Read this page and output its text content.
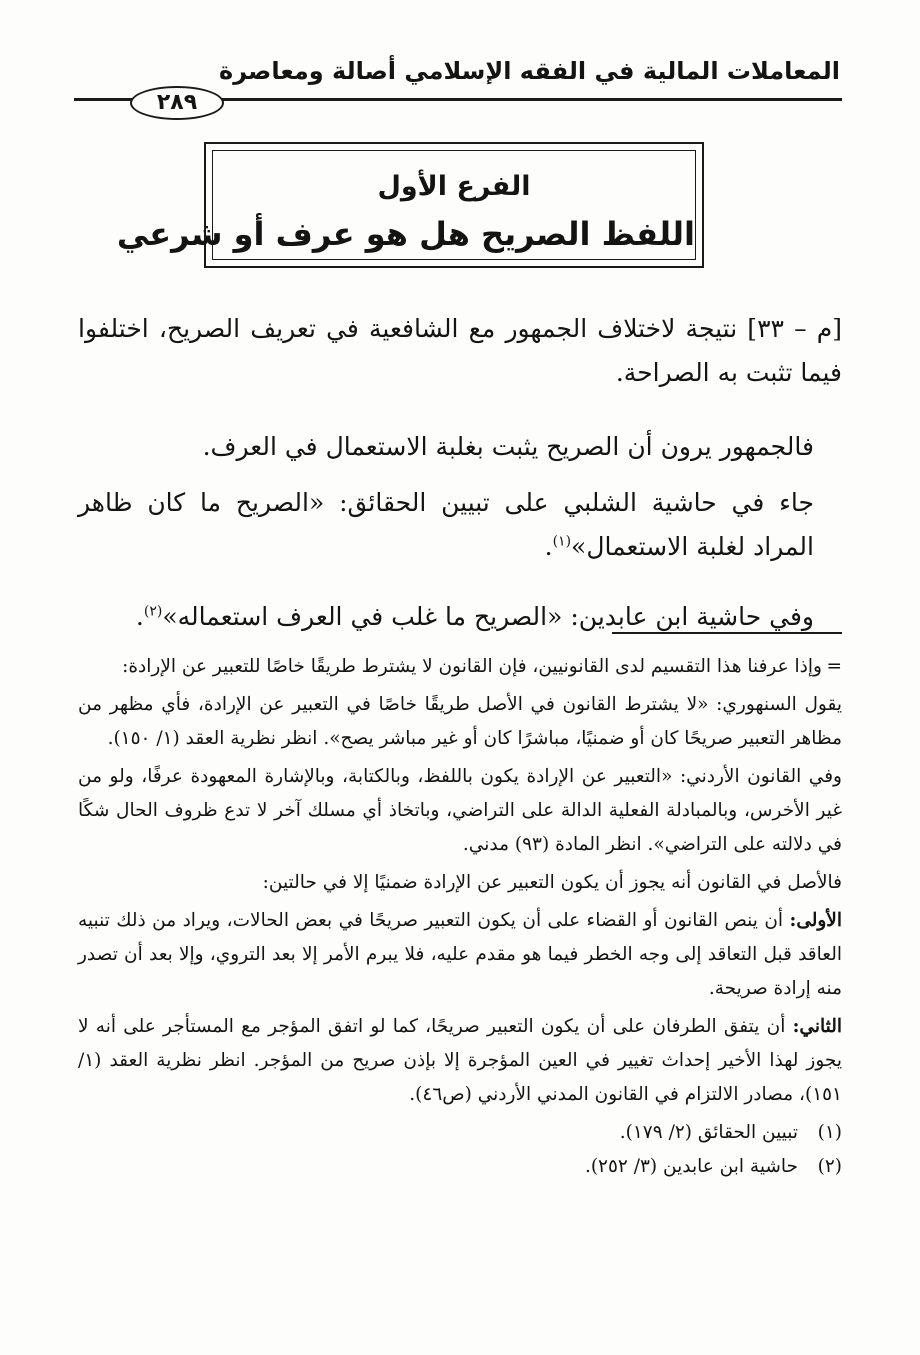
المعاملات المالية في الفقه الإسلامي أصالة ومعاصرة
٢٨٩
الفرع الأول
اللفظ الصريح هل هو عرف أو شرعي

[م – ٣٣] نتيجة لاختلاف الجمهور مع الشافعية في تعريف الصريح، اختلفوا فيما تثبت به الصراحة.

فالجمهور يرون أن الصريح يثبت بغلبة الاستعمال في العرف.

جاء في حاشية الشلبي على تبيين الحقائق: «الصريح ما كان ظاهر المراد لغلبة الاستعمال»$^{(١)}$.

وفي حاشية ابن عابدين: «الصريح ما غلب في العرف استعماله»$^{(٢)}$.

=وإذا عرفنا هذا التقسيم لدى القانونيين، فإن القانون لا يشترط طريقًا خاصًا للتعبير عن الإرادة:

يقول السنهوري: «لا يشترط القانون في الأصل طريقًا خاصًا في التعبير عن الإرادة، فأي مظهر من مظاهر التعبير صريحًا كان أو ضمنيًا، مباشرًا كان أو غير مباشر يصح». انظر نظرية العقد (١/ ١٥٠).

وفي القانون الأردني: «التعبير عن الإرادة يكون باللفظ، وبالكتابة، وبالإشارة المعهودة عرفًا، ولو من غير الأخرس، وبالمبادلة الفعلية الدالة على التراضي، وباتخاذ أي مسلك آخر لا تدع ظروف الحال شكًا في دلالته على التراضي». انظر المادة (٩٣) مدني.

فالأصل في القانون أنه يجوز أن يكون التعبير عن الإرادة ضمنيًا إلا في حالتين:

الأولى: أن ينص القانون أو القضاء على أن يكون التعبير صريحًا في بعض الحالات، ويراد من ذلك تنبيه العاقد قبل التعاقد إلى وجه الخطر فيما هو مقدم عليه، فلا يبرم الأمر إلا بعد التروي، وإلا بعد أن تصدر منه إرادة صريحة.

الثاني: أن يتفق الطرفان على أن يكون التعبير صريحًا، كما لو اتفق المؤجر مع المستأجر على أنه لا يجوز لهذا الأخير إحداث تغيير في العين المؤجرة إلا بإذن صريح من المؤجر. انظر نظرية العقد (١/ ١٥١)، مصادر الالتزام في القانون المدني الأردني (ص٤٦).

(١)تبيين الحقائق (٢/ ١٧٩).

(٢)حاشية ابن عابدين (٣/ ٢٥٢).
